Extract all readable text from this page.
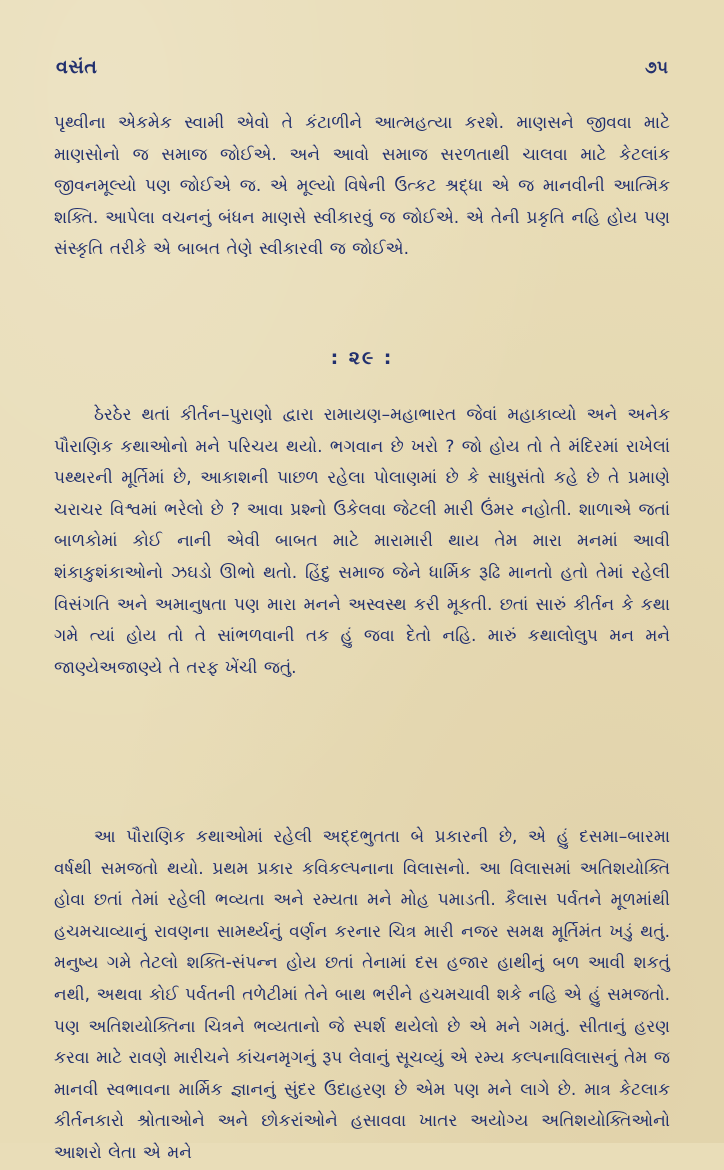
વસંત	૭૫

પૃથ્વીના એકમેક સ્વામી એવો તે કંટાળીને આત્મહત્યા કરશે. માણસને જીવવા માટે માણસોનો જ સમાજ જોઈએ. અને આવો સમાજ સરળતાથી ચાલવા માટે કેટલાંક જીવનમૂલ્યો પણ જોઈએ જ. એ મૂલ્યો વિષેની ઉત્કટ શ્રદ્ધા એ જ માનવીની આત્મિક શક્તિ. આપેલા વચનનું બંધન માણસે સ્વીકારવું જ જોઈએ. એ તેની પ્રકૃતિ નહિ હોય પણ સંસ્કૃતિ તરીકે એ બાબત તેણે સ્વીકારવી જ જોઈએ.

: ૨૯ :

ઠેરઠેર થતાં કીર્તન–પુરાણો દ્વારા રામાયણ–મહાભારત જેવાં મહાકાવ્યો અને અનેક પૌરાણિક કથાઓનો મને પરિચય થયો. ભગવાન છે ખરો ? જો હોય તો તે મંદિરમાં રાખેલાં પથ્થરની મૂર્તિમાં છે, આકાશની પાછળ રહેલા પોલાણમાં છે કે સાધુસંતો કહે છે તે પ્રમાણે ચરાચર વિશ્વમાં ભરેલો છે ? આવા પ્રશ્નો ઉકેલવા જેટલી મારી ઉંમર નહોતી. શાળાએ જતાં બાળકોમાં કોઈ નાની એવી બાબત માટે મારામારી થાય તેમ મારા મનમાં આવી શંકાકુશંકાઓનો ઝઘડો ઊભો થતો. હિંદુ સમાજ જેને ધાર્મિક રૂઢિ માનતો હતો તેમાં રહેલી વિસંગતિ અને અમાનુષતા પણ મારા મનને અસ્વસ્થ કરી મૂકતી. છતાં સારું કીર્તન કે કથા ગમે ત્યાં હોય તો તે સાંભળવાની તક હું જવા દેતો નહિ. મારું કથાલોલુપ મન મને જાણ્યેઅજાણ્યે તે તરફ ખેંચી જતું.

આ પૌરાણિક કથાઓમાં રહેલી અદ્દભુતતા બે પ્રકારની છે, એ હું દસમા–બારમા વર્ષથી સમજતો થયો. પ્રથમ પ્રકાર કવિકલ્પનાના વિલાસનો. આ વિલાસમાં અતિશયોક્તિ હોવા છતાં તેમાં રહેલી ભવ્યતા અને રમ્યતા મને મોહ પમાડતી. કૈલાસ પર્વતને મૂળમાંથી હચમચાવ્યાનું રાવણના સામર્થ્યનું વર્ણન કરનાર ચિત્ર મારી નજર સમક્ષ મૂર્તિમંત ખડું થતું. મનુષ્ય ગમે તેટલો શક્તિ-સંપન્ન હોય છતાં તેનામાં દસ હજાર હાથીનું બળ આવી શકતું નથી, અથવા કોઈ પર્વતની તળેટીમાં તેને બાથ ભરીને હચમચાવી શકે નહિ એ હું સમજતો. પણ અતિશયોક્તિના ચિત્રને ભવ્યતાનો જે સ્પર્શ થયેલો છે એ મને ગમતું. સીતાનું હરણ કરવા માટે રાવણે મારીચને કાંચનમૃગનું રૂપ લેવાનું સૂચવ્યું એ રમ્ય કલ્પનાવિલાસનું તેમ જ માનવી સ્વભાવના માર્મિક જ્ઞાનનું સુંદર ઉદાહરણ છે એમ પણ મને લાગે છે. માત્ર કેટલાક કીર્તનકારો શ્રોતાઓને અને છોકરાંઓને હસાવવા ખાતર અયોગ્ય અતિશયોક્તિઓનો આશરો લેતા એ મને
